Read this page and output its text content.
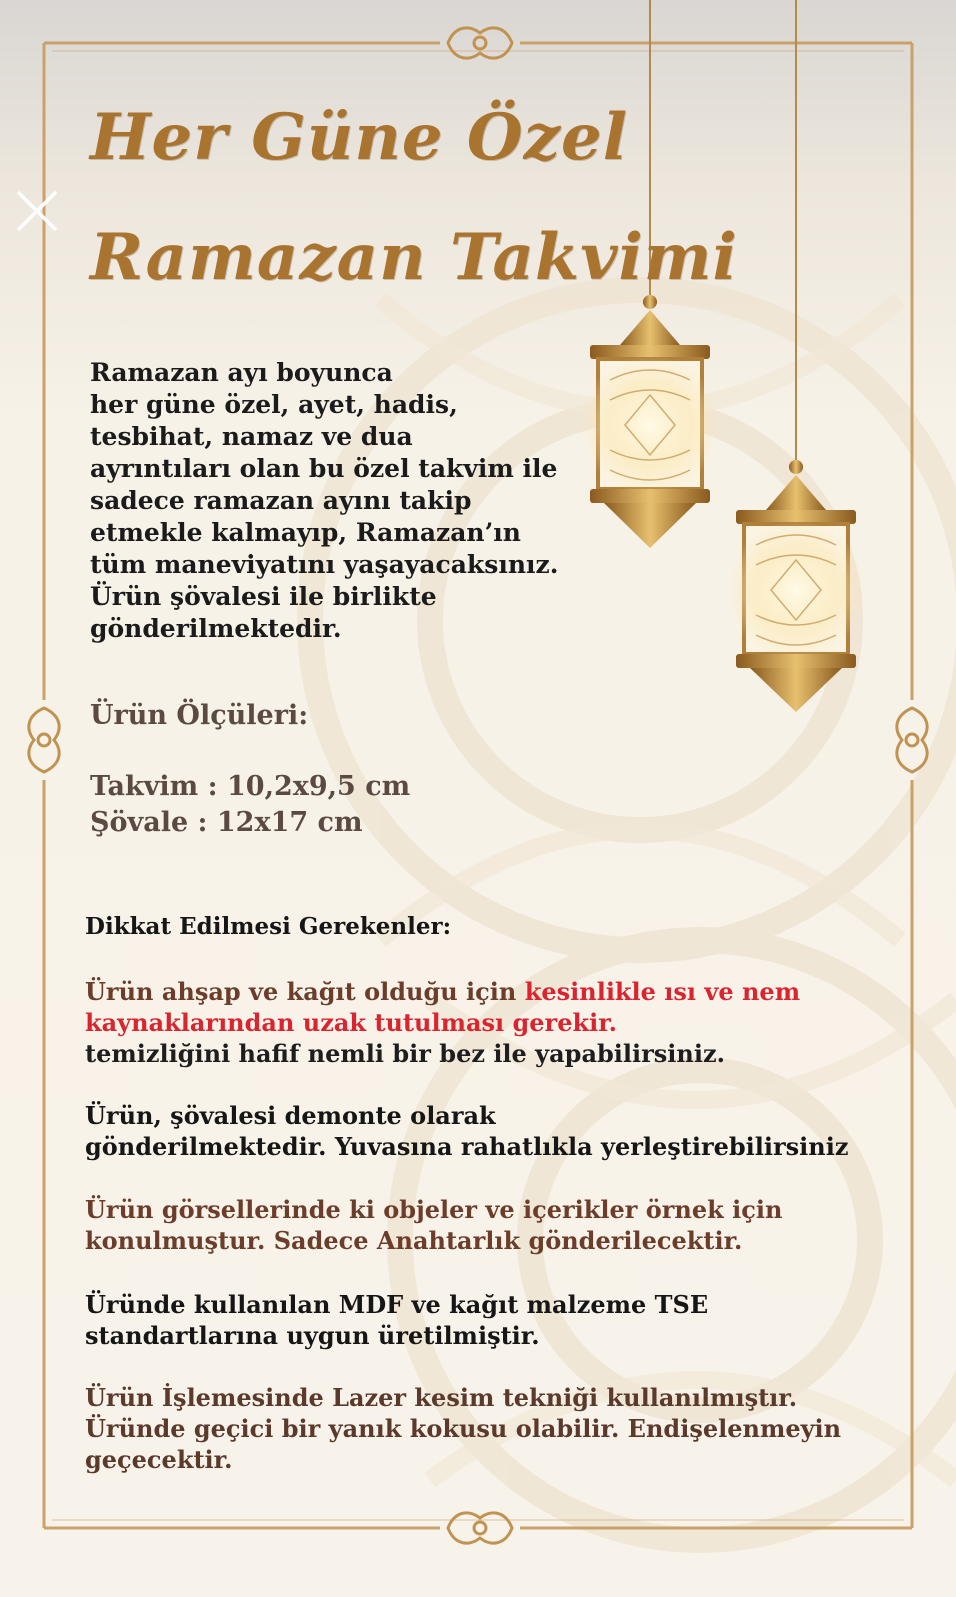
Her Güne Özel
Ramazan Takvimi

Ramazan ayı boyunca
her güne özel, ayet, hadis,
tesbihat, namaz ve dua
ayrıntıları olan bu özel takvim ile
sadece ramazan ayını takip
etmekle kalmayıp, Ramazan’ın
tüm maneviyatını yaşayacaksınız.
Ürün şövalesi ile birlikte
gönderilmektedir.

Ürün Ölçüleri:

Takvim : 10,2x9,5 cm

Şövale : 12x17 cm

Dikkat Edilmesi Gerekenler:

Ürün ahşap ve kağıt olduğu için kesinlikle ısı ve nem kaynaklarından uzak tutulması gerekir.
temizliğini hafif nemli bir bez ile yapabilirsiniz.

Ürün, şövalesi demonte olarak
gönderilmektedir. Yuvasına rahatlıkla yerleştirebilirsiniz

Ürün görsellerinde ki objeler ve içerikler örnek için
konulmuştur. Sadece Anahtarlık gönderilecektir.

Üründe kullanılan MDF ve kağıt malzeme TSE
standartlarına uygun üretilmiştir.

Ürün İşlemesinde Lazer kesim tekniği kullanılmıştır.
Üründe geçici bir yanık kokusu olabilir. Endişelenmeyin
geçecektir.
